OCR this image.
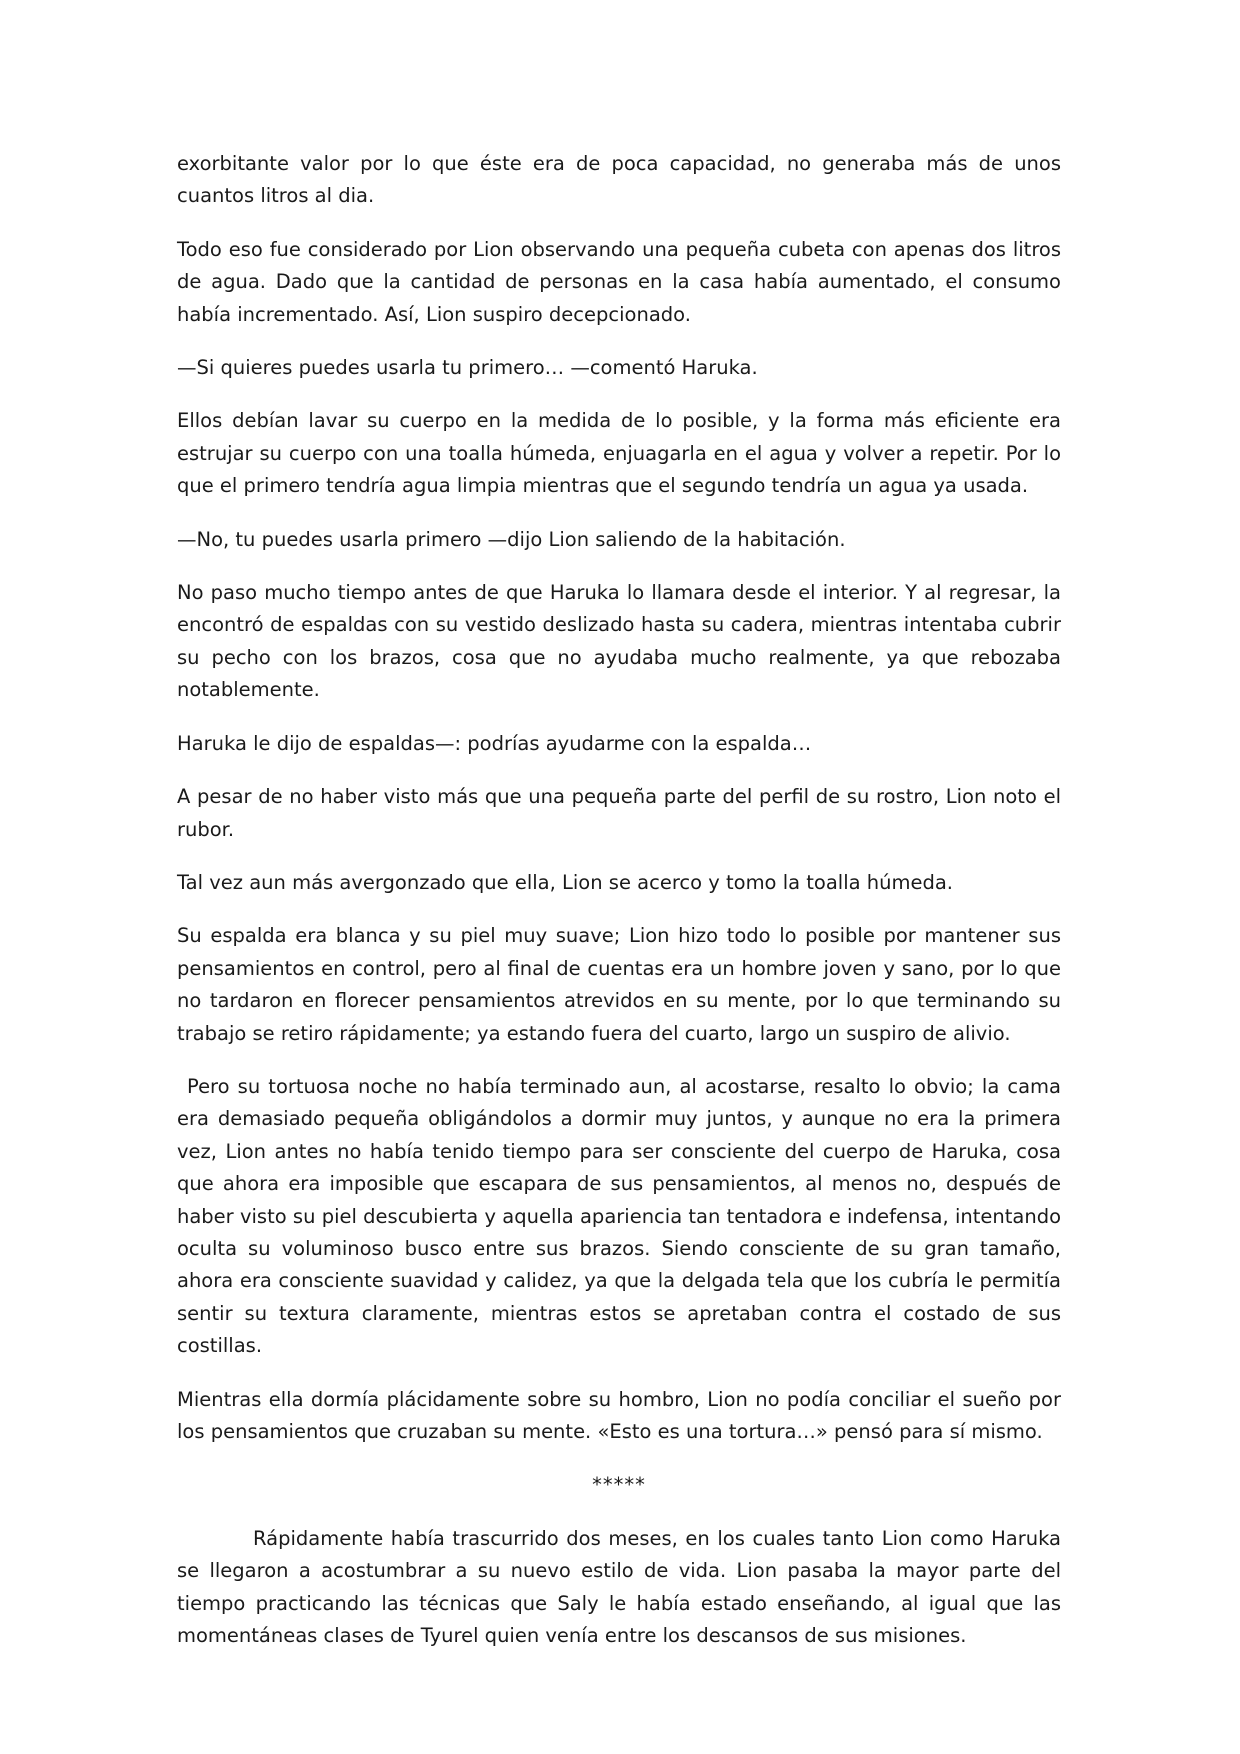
exorbitante valor por lo que éste era de poca capacidad, no generaba más de unos cuantos litros al dia.

Todo eso fue considerado por Lion observando una pequeña cubeta con apenas dos litros de agua. Dado que la cantidad de personas en la casa había aumentado, el consumo había incrementado. Así, Lion suspiro decepcionado.

—Si quieres puedes usarla tu primero… —comentó Haruka.

Ellos debían lavar su cuerpo en la medida de lo posible, y la forma más eficiente era estrujar su cuerpo con una toalla húmeda, enjuagarla en el agua y volver a repetir. Por lo que el primero tendría agua limpia mientras que el segundo tendría un agua ya usada.

—No, tu puedes usarla primero —dijo Lion saliendo de la habitación.

No paso mucho tiempo antes de que Haruka lo llamara desde el interior. Y al regresar, la encontró de espaldas con su vestido deslizado hasta su cadera, mientras intentaba cubrir su pecho con los brazos, cosa que no ayudaba mucho realmente, ya que rebozaba notablemente.

Haruka le dijo de espaldas—: podrías ayudarme con la espalda…

A pesar de no haber visto más que una pequeña parte del perfil de su rostro, Lion noto el rubor.

Tal vez aun más avergonzado que ella, Lion se acerco y tomo la toalla húmeda.

Su espalda era blanca y su piel muy suave; Lion hizo todo lo posible por mantener sus pensamientos en control, pero al final de cuentas era un hombre joven y sano, por lo que no tardaron en florecer pensamientos atrevidos en su mente, por lo que terminando su trabajo se retiro rápidamente; ya estando fuera del cuarto, largo un suspiro de alivio.

Pero su tortuosa noche no había terminado aun, al acostarse, resalto lo obvio; la cama era demasiado pequeña obligándolos a dormir muy juntos, y aunque no era la primera vez, Lion antes no había tenido tiempo para ser consciente del cuerpo de Haruka, cosa que ahora era imposible que escapara de sus pensamientos, al menos no, después de haber visto su piel descubierta y aquella apariencia tan tentadora e indefensa, intentando oculta su voluminoso busco entre sus brazos. Siendo consciente de su gran tamaño, ahora era consciente suavidad y calidez, ya que la delgada tela que los cubría le permitía sentir su textura claramente, mientras estos se apretaban contra el costado de sus costillas.

Mientras ella dormía plácidamente sobre su hombro, Lion no podía conciliar el sueño por los pensamientos que cruzaban su mente. «Esto es una tortura…» pensó para sí mismo.

*****

Rápidamente había trascurrido dos meses, en los cuales tanto Lion como Haruka se llegaron a acostumbrar a su nuevo estilo de vida. Lion pasaba la mayor parte del tiempo practicando las técnicas que Saly le había estado enseñando, al igual que las momentáneas clases de Tyurel quien venía entre los descansos de sus misiones.
